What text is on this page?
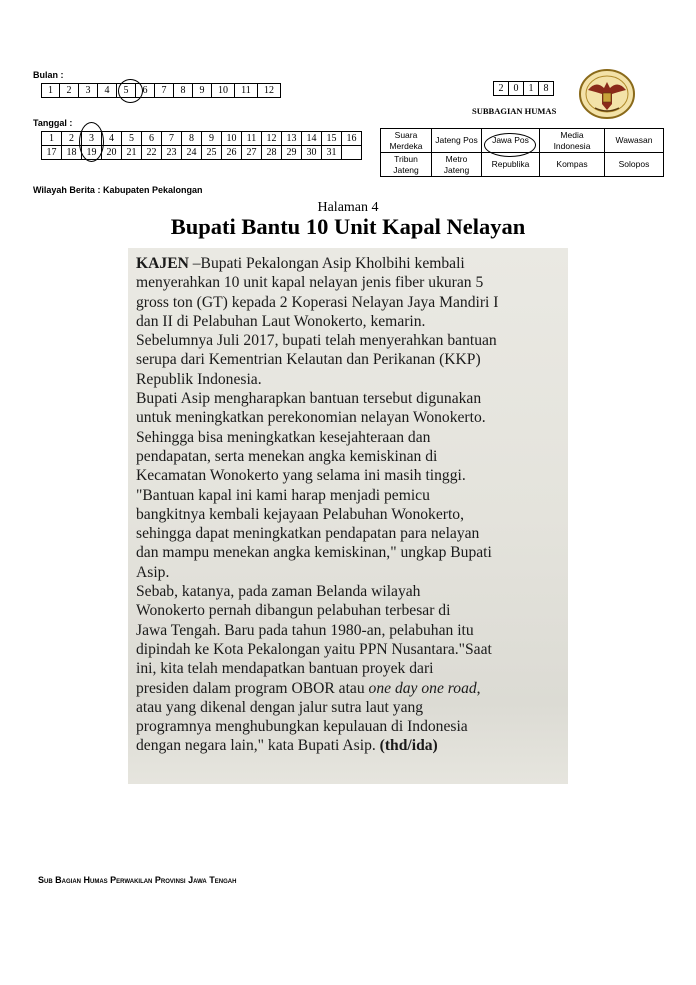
Bulan :
1	2	3	4	5	6	7	8	9	10	11	12
Tanggal :
1	2	3	4	5	6	7	8	9	10	11	12	13	14	15	16
17	18	19	20	21	22	23	24	25	26	27	28	29	30	31	
2	0	1	8
SUBBAGIAN HUMAS
Suara Merdeka	Jateng Pos	Jawa Pos	Media Indonesia	Wawasan
Tribun Jateng	Metro Jateng	Republika	Kompas	Solopos
Wilayah Berita : Kabupaten Pekalongan
Halaman 4
Bupati Bantu 10 Unit Kapal Nelayan

KAJEN –Bupati Pekalongan Asip Kholbihi kembali

menyerahkan 10 unit kapal nelayan jenis fiber ukuran 5

gross ton (GT) kepada 2 Koperasi Nelayan Jaya Mandiri I

dan II di Pelabuhan Laut Wonokerto, kemarin.

Sebelumnya Juli 2017, bupati telah menyerahkan bantuan

serupa dari Kementrian Kelautan dan Perikanan (KKP)

Republik Indonesia.

Bupati Asip mengharapkan bantuan tersebut digunakan

untuk meningkatkan perekonomian nelayan Wonokerto.

Sehingga bisa meningkatkan kesejahteraan dan

pendapatan, serta menekan angka kemiskinan di

Kecamatan Wonokerto yang selama ini masih tinggi.

"Bantuan kapal ini kami harap menjadi pemicu

bangkitnya kembali kejayaan Pelabuhan Wonokerto,

sehingga dapat meningkatkan pendapatan para nelayan

dan mampu menekan angka kemiskinan," ungkap Bupati

Asip.

Sebab, katanya, pada zaman Belanda wilayah

Wonokerto pernah dibangun pelabuhan terbesar di

Jawa Tengah. Baru pada tahun 1980-an, pelabuhan itu

dipindah ke Kota Pekalongan yaitu PPN Nusantara."Saat

ini, kita telah mendapatkan bantuan proyek dari

presiden dalam program OBOR atau one day one road,

atau yang dikenal dengan jalur sutra laut yang

programnya menghubungkan kepulauan di Indonesia

dengan negara lain," kata Bupati Asip. (thd/ida)

Sub Bagian Humas Perwakilan Provinsi Jawa Tengah
